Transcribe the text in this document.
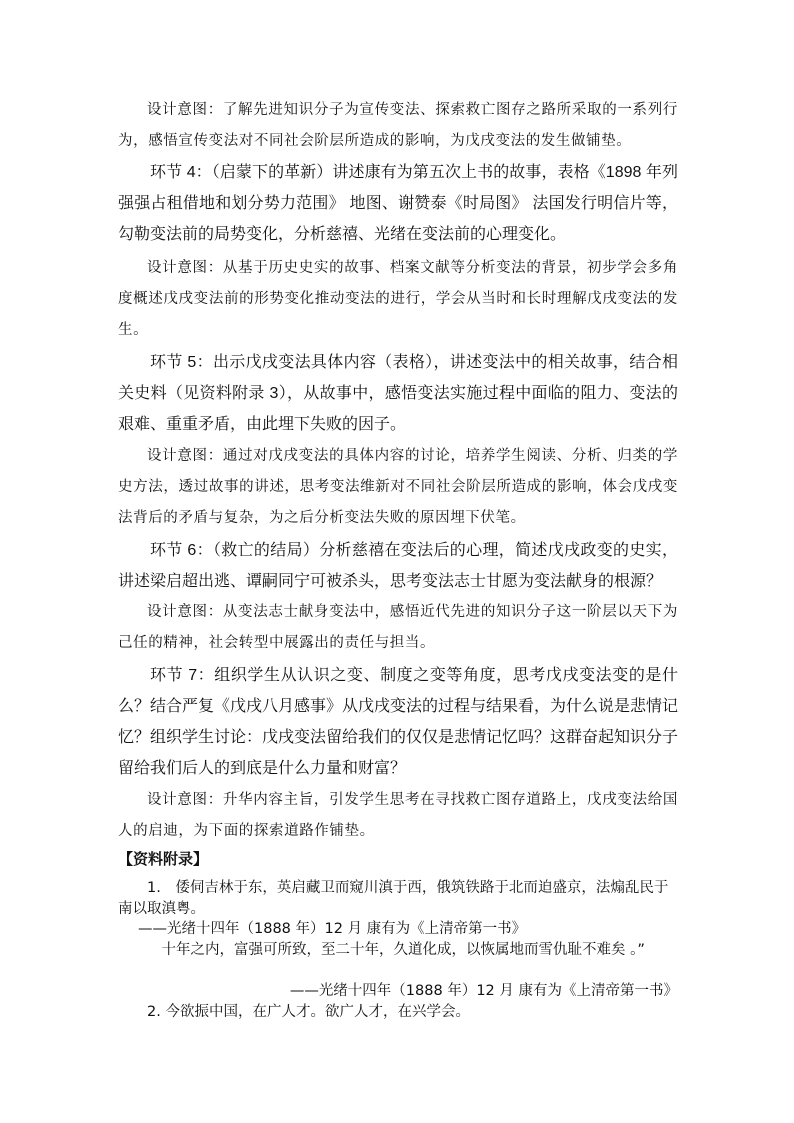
设计意图：了解先进知识分子为宣传变法、探索救亡图存之路所采取的一系列行为，感悟宣传变法对不同社会阶层所造成的影响，为戊戌变法的发生做铺垫。

环节 4：（启蒙下的革新）讲述康有为第五次上书的故事，表格《1898 年列强强占租借地和划分势力范围》 地图、谢赞泰《时局图》 法国发行明信片等，勾勒变法前的局势变化，分析慈禧、光绪在变法前的心理变化。

设计意图：从基于历史史实的故事、档案文献等分析变法的背景，初步学会多角度概述戊戌变法前的形势变化推动变法的进行，学会从当时和长时理解戊戌变法的发生。

环节 5：出示戊戌变法具体内容（表格），讲述变法中的相关故事，结合相关史料（见资料附录 3），从故事中，感悟变法实施过程中面临的阻力、变法的艰难、重重矛盾，由此埋下失败的因子。

设计意图：通过对戊戌变法的具体内容的讨论，培养学生阅读、分析、归类的学史方法，透过故事的讲述，思考变法维新对不同社会阶层所造成的影响，体会戊戌变法背后的矛盾与复杂，为之后分析变法失败的原因埋下伏笔。

环节 6：（救亡的结局）分析慈禧在变法后的心理，简述戊戌政变的史实，讲述梁启超出逃、谭嗣同宁可被杀头，思考变法志士甘愿为变法献身的根源？

设计意图：从变法志士献身变法中，感悟近代先进的知识分子这一阶层以天下为己任的精神，社会转型中展露出的责任与担当。

环节 7：组织学生从认识之变、制度之变等角度，思考戊戌变法变的是什么？结合严复《戊戌八月感事》从戊戌变法的过程与结果看，为什么说是悲情记忆？组织学生讨论：戊戌变法留给我们的仅仅是悲情记忆吗？这群奋起知识分子留给我们后人的到底是什么力量和财富？

设计意图：升华内容主旨，引发学生思考在寻找救亡图存道路上，戊戌变法给国人的启迪，为下面的探索道路作铺垫。

【资料附录】

1.　倭伺吉林于东，英启藏卫而窥川滇于西，俄筑铁路于北而迫盛京，法煽乱民于南以取滇粤。

——光绪十四年（1888 年）12 月 康有为《上清帝第一书》

十年之内，富强可所致，至二十年，久道化成，以恢属地而雪仇耻不难矣 。”

——光绪十四年（1888 年）12 月 康有为《上清帝第一书》

2. 今欲振中国，在广人才。欲广人才，在兴学会。
